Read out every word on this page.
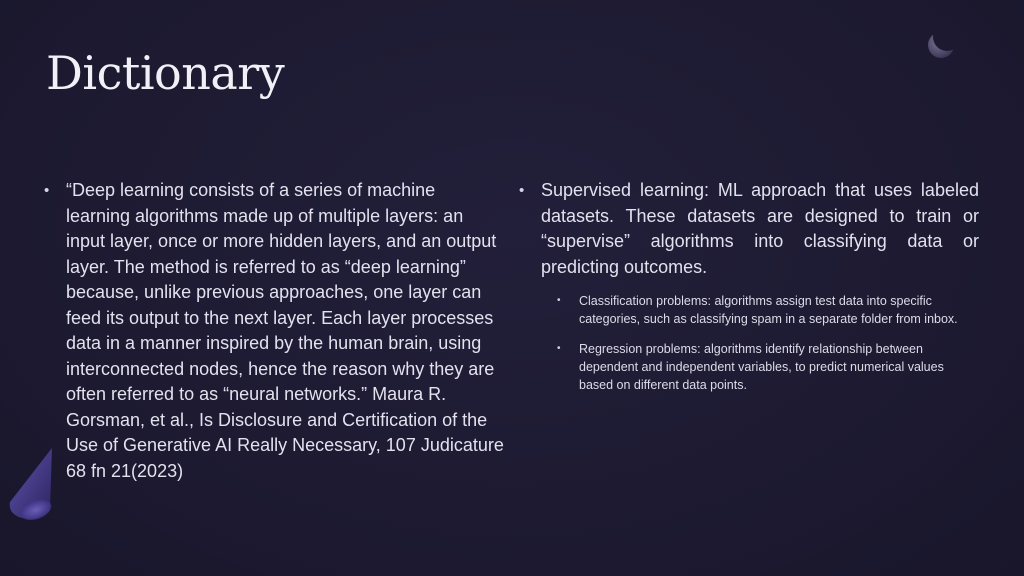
Dictionary
• “Deep learning consists of a series of machine learning algorithms made up of multiple layers: an input layer, once or more hidden layers, and an output layer. The method is referred to as “deep learning” because, unlike previous approaches, one layer can feed its output to the next layer. Each layer processes data in a manner inspired by the human brain, using interconnected nodes, hence the reason why they are often referred to as “neural networks.” Maura R. Gorsman, et al., Is Disclosure and Certification of the Use of Generative AI Really Necessary, 107 Judicature 68 fn 21(2023)

• Supervised learning: ML approach that uses labeled datasets. These datasets are designed to train or “supervise” algorithms into classifying data or predicting outcomes.

•	Classification problems: algorithms assign test data into specific categories, such as classifying spam in a separate folder from inbox.

•	Regression problems: algorithms identify relationship between dependent and independent variables, to predict numerical values based on different data points.
